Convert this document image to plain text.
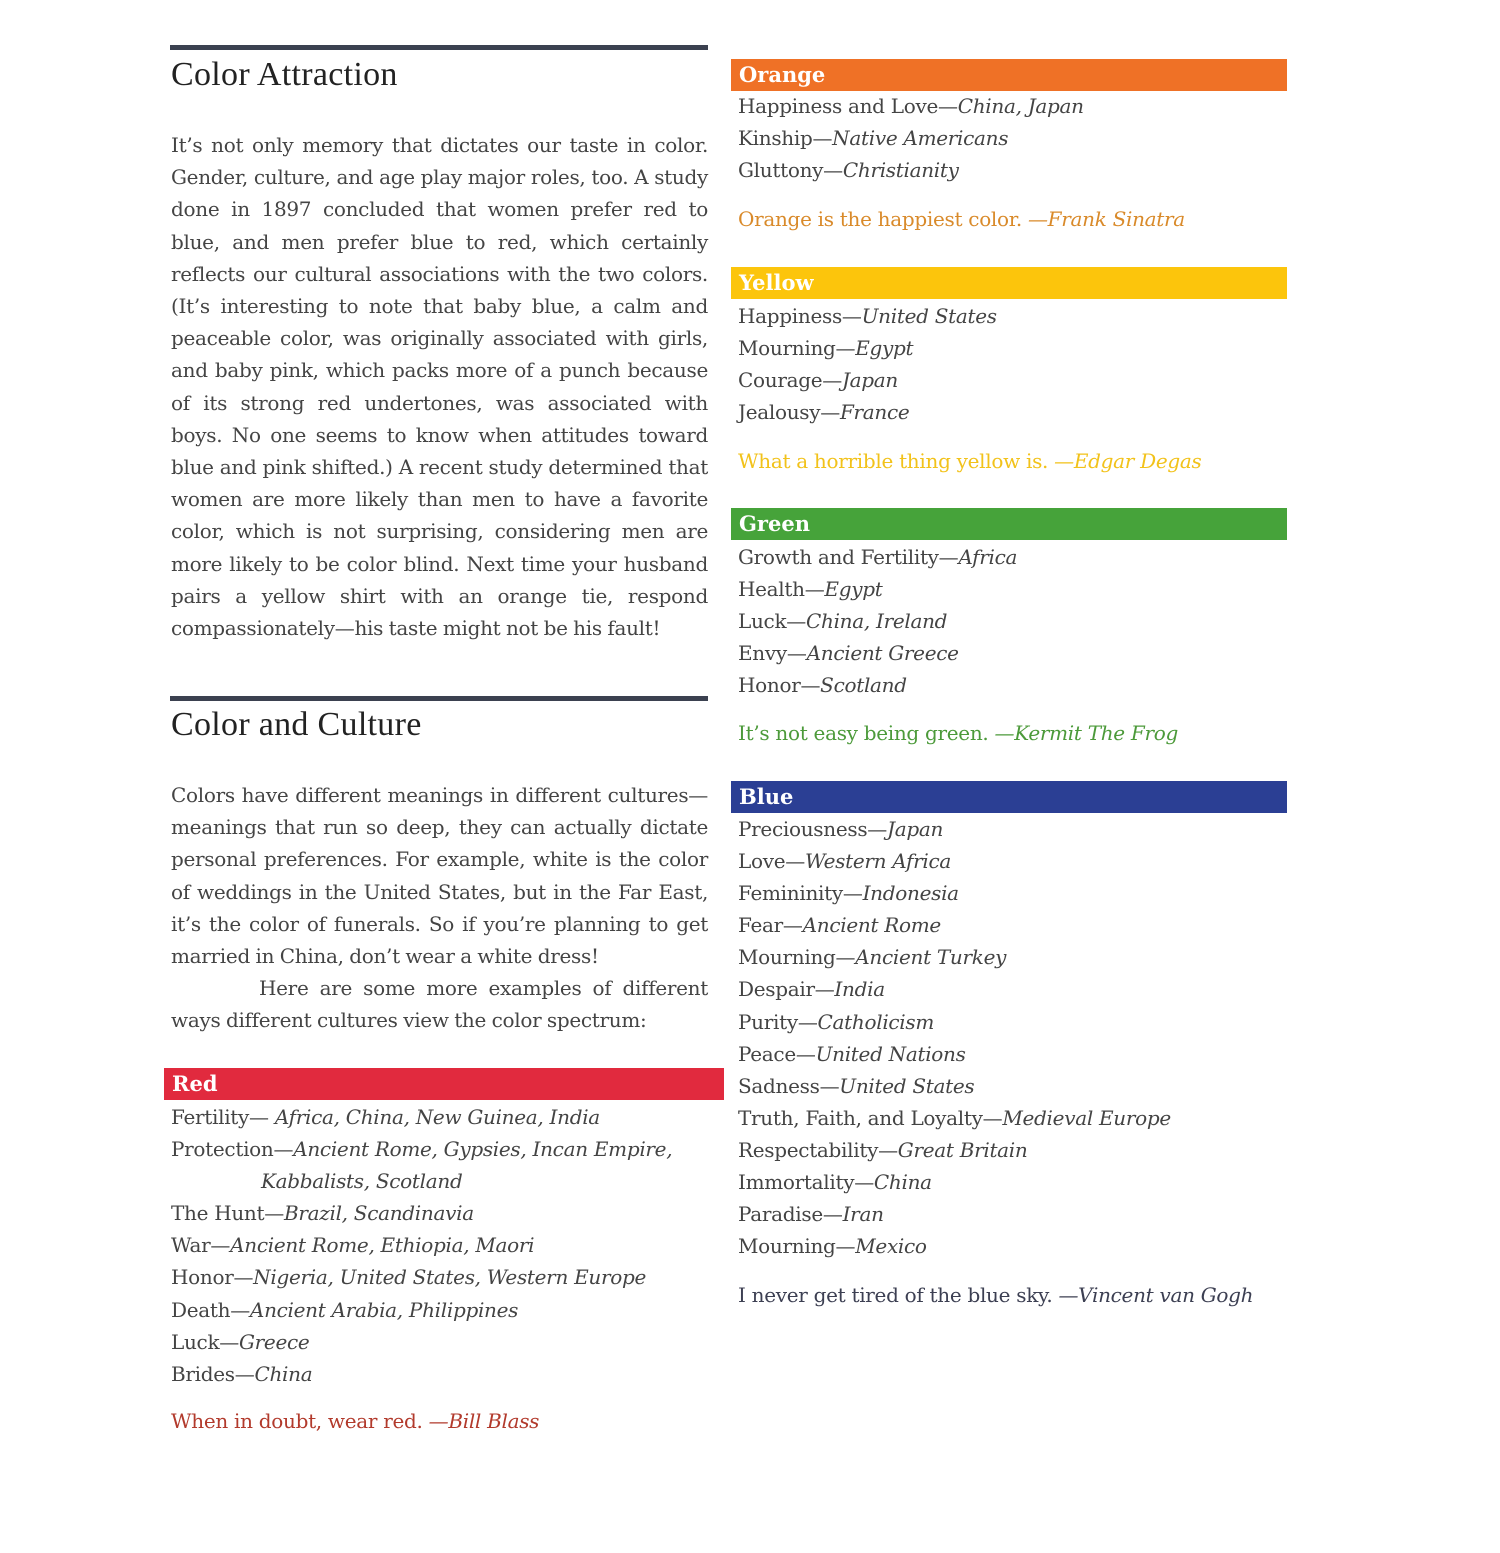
Color Attraction

It’s not only memory that dictates our taste in color. Gender, culture, and age play major roles, too. A study done in 1897 concluded that women prefer red to blue, and men prefer blue to red, which certainly reflects our cultural associations with the two colors. (It’s interesting to note that baby blue, a calm and peaceable color, was originally associated with girls, and baby pink, which packs more of a punch because of its strong red undertones, was associated with boys. No one seems to know when attitudes toward blue and pink shifted.) A recent study determined that women are more likely than men to have a favorite color, which is not surprising, considering men are more likely to be color blind. Next time your husband pairs a yellow shirt with an orange tie, respond compassionately—his taste might not be his fault!

Color and Culture

Colors have different meanings in different cultures—meanings that run so deep, they can actually dictate personal preferences. For example, white is the color of weddings in the United States, but in the Far East, it’s the color of funerals. So if you’re planning to get married in China, don’t wear a white dress!
Here are some more examples of different ways different cultures view the color spectrum:

Red
Fertility— Africa, China, New Guinea, India
Protection—Ancient Rome, Gypsies, Incan Empire,
Kabbalists, Scotland
The Hunt—Brazil, Scandinavia
War—Ancient Rome, Ethiopia, Maori
Honor—Nigeria, United States, Western Europe
Death—Ancient Arabia, Philippines
Luck—Greece
Brides—China

When in doubt, wear red. —Bill Blass

Orange
Happiness and Love—China, Japan
Kinship—Native Americans
Gluttony—Christianity

Orange is the happiest color. —Frank Sinatra

Yellow
Happiness—United States
Mourning—Egypt
Courage—Japan
Jealousy—France

What a horrible thing yellow is. —Edgar Degas

Green
Growth and Fertility—Africa
Health—Egypt
Luck—China, Ireland
Envy—Ancient Greece
Honor—Scotland

It’s not easy being green. —Kermit The Frog

Blue
Preciousness—Japan
Love—Western Africa
Femininity—Indonesia
Fear—Ancient Rome
Mourning—Ancient Turkey
Despair—India
Purity—Catholicism
Peace—United Nations
Sadness—United States
Truth, Faith, and Loyalty—Medieval Europe
Respectability—Great Britain
Immortality—China
Paradise—Iran
Mourning—Mexico

I never get tired of the blue sky. —Vincent van Gogh
